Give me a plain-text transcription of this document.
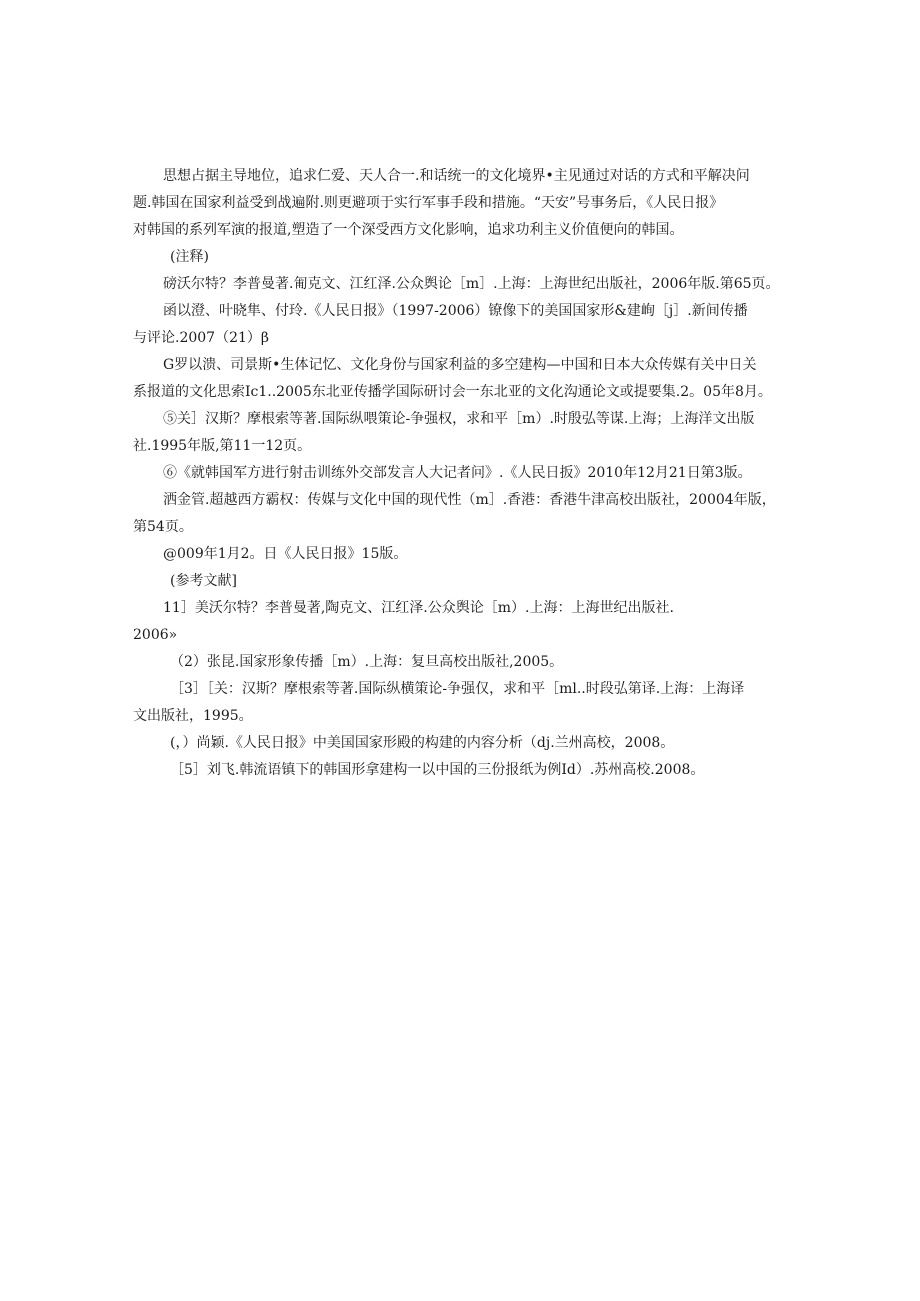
思想占据主导地位，追求仁爱、天人合一.和话统一的文化境界•主见通过对话的方式和平解决问
题.韩国在国家利益受到战遍附.则更避项于实行军事手段和措施。“天安”号事务后，《人民日报》
对韩国的系列军演的报道,塑造了一个深受西方文化影响，追求功利主义价值便向的韩国。
(注释)
磅沃尔特？李普曼著.匍克文、江红泽.公众舆论［m］.上海：上海世纪出版社，2006年版.第65页。
函以澄、叶晓隼、付玲.《人民日报》（1997-2006）镣像下的美国国家形&建峋［j］.新间传播
与评论.2007（21）β
G罗以溃、司景斯•生体记忆、文化身份与国家利益的多空建构—中国和日本大众传媒有关中日关
系报道的文化思索Ic1..2005东北亚传播学国际研讨会一东北亚的文化沟通论文或提要集.2。05年8月。
⑤关］汉斯？摩根索等著.国际纵喂策论-争强权，求和平［m）.时殷弘等谋.上海；上海洋文出版
社.1995年版,第11一12页。
⑥《就韩国军方进行射击训练外交部发言人大记者问》.《人民日扳》2010年12月21日第3版。
洒金管.超越西方霸权：传媒与文化中国的现代性（m］.香港：香港牛津高校出版社，20004年版，
第54页。
@009年1月2。日《人民日报》15版。
(参考文献]
11］美沃尔特？李普曼著,陶克文、江红泽.公众舆论［m）.上海：上海世纪出版社.
2006»
（2）张昆.国家形象传播［m）.上海：复旦高校出版社,2005。
［3］［关：汉斯？摩根索等著.国际纵横策论-争强仅，求和平［ml..时段弘第译.上海：上海译
文出版社，1995。
(，）尚颖.《人民日报》中美国国家形殿的构建的内容分析（dj.兰州高校，2008。
［5］刘飞.韩流语镇下的韩国形拿建构一以中国的三份报纸为例Id）.苏州高校.2008。
